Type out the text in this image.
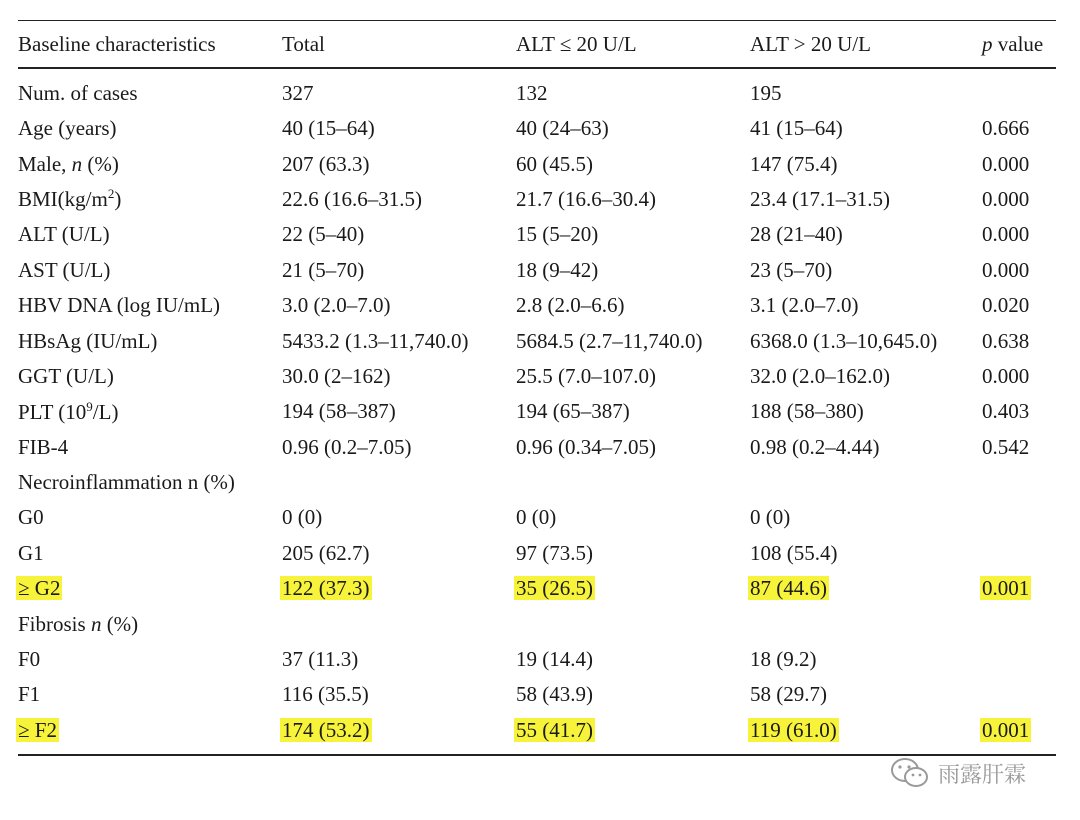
Baseline characteristics	Total	ALT ≤ 20 U/L	ALT > 20 U/L	p value
Num. of cases	327	132	195	
Age (years)	40 (15–64)	40 (24–63)	41 (15–64)	0.666
Male, n (%)	207 (63.3)	60 (45.5)	147 (75.4)	0.000
$BMI(kg/m^2)$	22.6 (16.6–31.5)	21.7 (16.6–30.4)	23.4 (17.1–31.5)	0.000
ALT (U/L)	22 (5–40)	15 (5–20)	28 (21–40)	0.000
AST (U/L)	21 (5–70)	18 (9–42)	23 (5–70)	0.000
HBV DNA (log IU/mL)	3.0 (2.0–7.0)	2.8 (2.0–6.6)	3.1 (2.0–7.0)	0.020
HBsAg (IU/mL)	5433.2 (1.3–11,740.0)	5684.5 (2.7–11,740.0)	6368.0 (1.3–10,645.0)	0.638
GGT (U/L)	30.0 (2–162)	25.5 (7.0–107.0)	32.0 (2.0–162.0)	0.000
PLT $(10^9/L)$	194 (58–387)	194 (65–387)	188 (58–380)	0.403
FIB-4	0.96 (0.2–7.05)	0.96 (0.34–7.05)	0.98 (0.2–4.44)	0.542
Necroinflammation n (%)				
G0	0 (0)	0 (0)	0 (0)	
G1	205 (62.7)	97 (73.5)	108 (55.4)	
≥ G2	122 (37.3)	35 (26.5)	87 (44.6)	0.001
Fibrosis n (%)				
F0	37 (11.3)	19 (14.4)	18 (9.2)	
F1	116 (35.5)	58 (43.9)	58 (29.7)	
≥ F2	174 (53.2)	55 (41.7)	119 (61.0)	0.001
雨露肝霖
